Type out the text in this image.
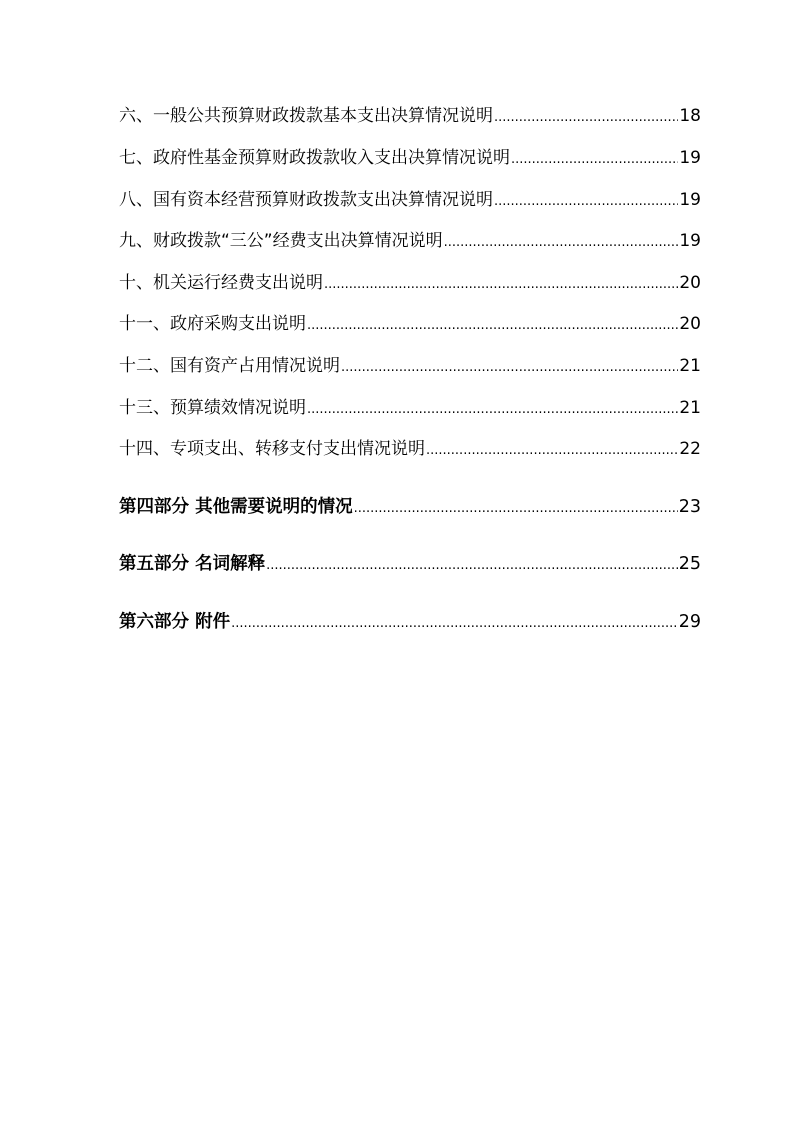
六、一般公共预算财政拨款基本支出决算情况说明 .....	18
七、政府性基金预算财政拨款收入支出决算情况说明 .....	19
八、国有资本经营预算财政拨款支出决算情况说明 .....	19
九、财政拨款“三公”经费支出决算情况说明 .....	19
十、机关运行经费支出说明 .....	20
十一、政府采购支出说明 .....	20
十二、国有资产占用情况说明 .....	21
十三、预算绩效情况说明 .....	21
十四、专项支出、转移支付支出情况说明 .....	22
第四部分 其他需要说明的情况 .....	23
第五部分 名词解释 .....	25
第六部分 附件 .....	29
